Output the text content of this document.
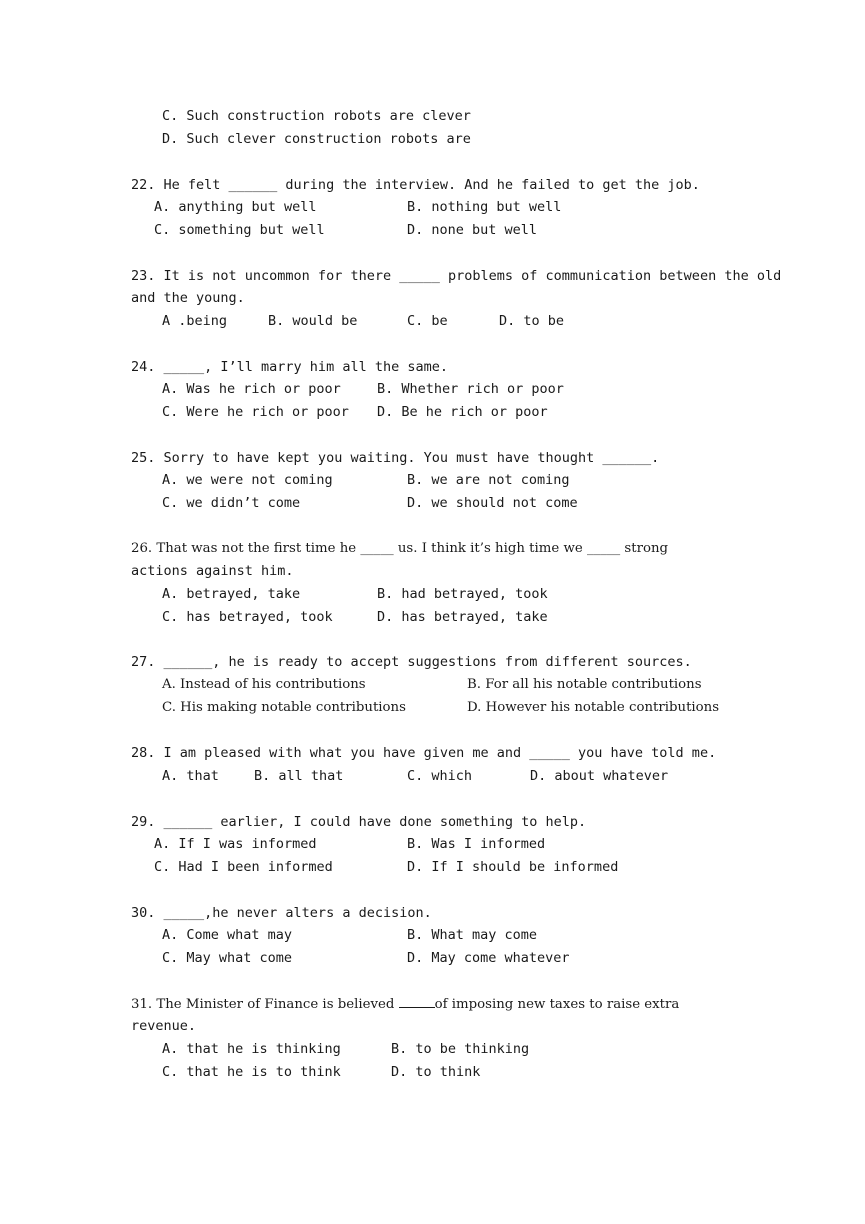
C. Such construction robots are clever
D. Such clever construction robots are
22. He felt ______ during the interview. And he failed to get the job.
A. anything but well	B. nothing but well
C. something but well	D. none but well
23. It is not uncommon for there _____ problems of communication between the old
and the young.
A .being	B. would be	C. be	D. to be
24. _____, I’ll marry him all the same.
A. Was he rich or poor	B. Whether rich or poor
C. Were he rich or poor D. Be he rich or poor
25. Sorry to have kept you waiting. You must have thought ______.
A. we were not coming	B. we are not coming
C. we didn’t come	D. we should not come
26. That was not the first time he _____ us. I think it’s high time we _____ strong
actions against him.
A. betrayed, take	B. had betrayed, took
C. has betrayed, took	D. has betrayed, take
27. ______, he is ready to accept suggestions from different sources.
A. Instead of his contributions	B. For all his notable contributions
C. His making notable contributions	D. However his notable contributions
28. I am pleased with what you have given me and _____ you have told me.
A. that	B. all that	C. which	D. about whatever
29. ______ earlier, I could have done something to help.
A. If I was informed	B. Was I informed
C. Had I been informed	D. If I should be informed
30. _____,he never alters a decision.
A. Come what may	B. What may come
C. May what come	D. May come whatever
31. The Minister of Finance is believed	of imposing new taxes to raise extra
revenue.
A. that he is thinking	B. to be thinking
C. that he is to think	D. to think
